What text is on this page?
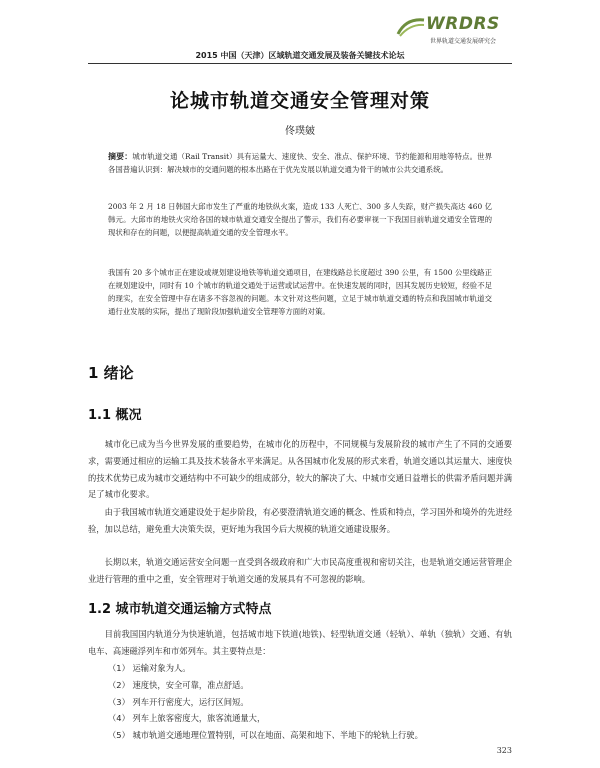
WRDRS
世界轨道交通发展研究会
2015 中国（天津）区域轨道交通发展及装备关键技术论坛
论城市轨道交通安全管理对策
佟璞皴
摘要：城市轨道交通（Rail Transit）具有运量大、速度快、安全、准点、保护环境、节约能源和用地等特点。世界各国普遍认识到：解决城市的交通问题的根本出路在于优先发展以轨道交通为骨干的城市公共交通系统。
2003 年 2 月 18 日韩国大邱市发生了严重的地铁纵火案，造成 133 人死亡、300 多人失踪，财产损失高达 460 亿韩元。大邱市的地铁火灾给各国的城市轨道交通安全提出了警示，我们有必要审视一下我国目前轨道交通安全管理的现状和存在的问题，以便提高轨道交通的安全管理水平。
我国有 20 多个城市正在建设或规划建设地铁等轨道交通项目，在建线路总长度超过 390 公里，有 1500 公里线路正在规划建设中，同时有 10 个城市的轨道交通处于运营或试运营中。在快速发展的同时，因其发展历史较短，经验不足的现实，在安全管理中存在诸多不容忽视的问题。本文针对这些问题，立足于城市轨道交通的特点和我国城市轨道交通行业发展的实际，提出了现阶段加强轨道安全管理等方面的对策。
1 绪论
1.1 概况
城市化已成为当今世界发展的重要趋势，在城市化的历程中，不同规模与发展阶段的城市产生了不同的交通要求，需要通过相应的运输工具及技术装备水平来满足。从各国城市化发展的形式来看，轨道交通以其运量大、速度快的技术优势已成为城市交通结构中不可缺少的组成部分，较大的解决了大、中城市交通日益增长的供需矛盾问题并满足了城市化要求。
由于我国城市轨道交通建设处于起步阶段，有必要澄清轨道交通的概念、性质和特点，学习国外和境外的先进经验，加以总结，避免重大决策失误，更好地为我国今后大规模的轨道交通建设服务。
长期以来，轨道交通运营安全问题一直受到各级政府和广大市民高度重视和密切关注，也是轨道交通运营管理企业进行管理的重中之重，安全管理对于轨道交通的发展具有不可忽视的影响。
1.2 城市轨道交通运输方式特点
目前我国国内轨道分为快速轨道，包括城市地下铁道(地铁)、轻型轨道交通（轻轨）、单轨（独轨）交通、有轨电车、高速磁浮列车和市郊列车。其主要特点是：
（1） 运输对象为人。
（2） 速度快，安全可靠，准点舒适。
（3） 列车开行密度大，运行区间短。
（4） 列车上旅客密度大，旅客流通量大，
（5） 城市轨道交通地理位置特别，可以在地面、高架和地下、半地下的轮轨上行驶。
323
